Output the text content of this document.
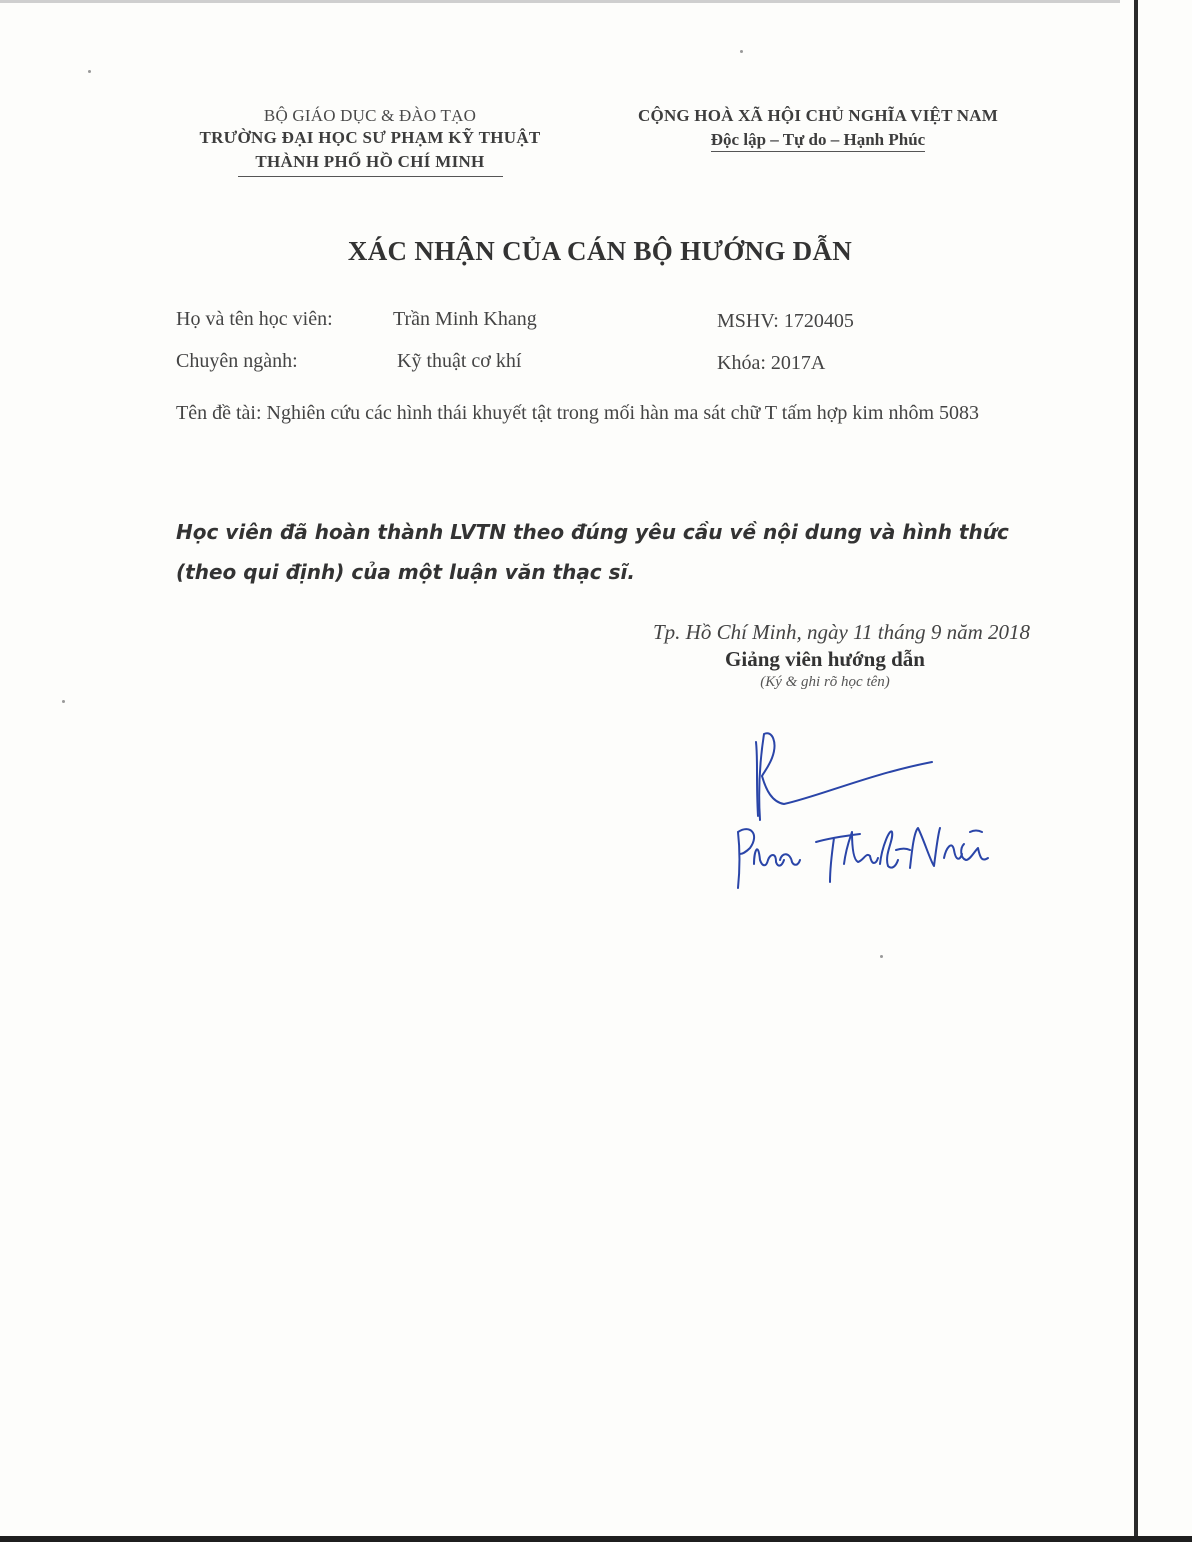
BỘ GIÁO DỤC & ĐÀO TẠO
TRƯỜNG ĐẠI HỌC SƯ PHẠM KỸ THUẬT
THÀNH PHỐ HỒ CHÍ MINH
CỘNG HOÀ XÃ HỘI CHỦ NGHĨA VIỆT NAM
Độc lập – Tự do – Hạnh Phúc
XÁC NHẬN CỦA CÁN BỘ HƯỚNG DẪN
Họ và tên học viên:	Trần Minh Khang	MSHV: 1720405
Chuyên ngành:	Kỹ thuật cơ khí	Khóa: 2017A
Tên đề tài: Nghiên cứu các hình thái khuyết tật trong mối hàn ma sát chữ T tấm hợp kim nhôm 5083
Học viên đã hoàn thành LVTN theo đúng yêu cầu về nội dung và hình thức (theo qui định) của một luận văn thạc sĩ.
Tp. Hồ Chí Minh, ngày 11 tháng 9 năm 2018
Giảng viên hướng dẫn
(Ký & ghi rõ học tên)
